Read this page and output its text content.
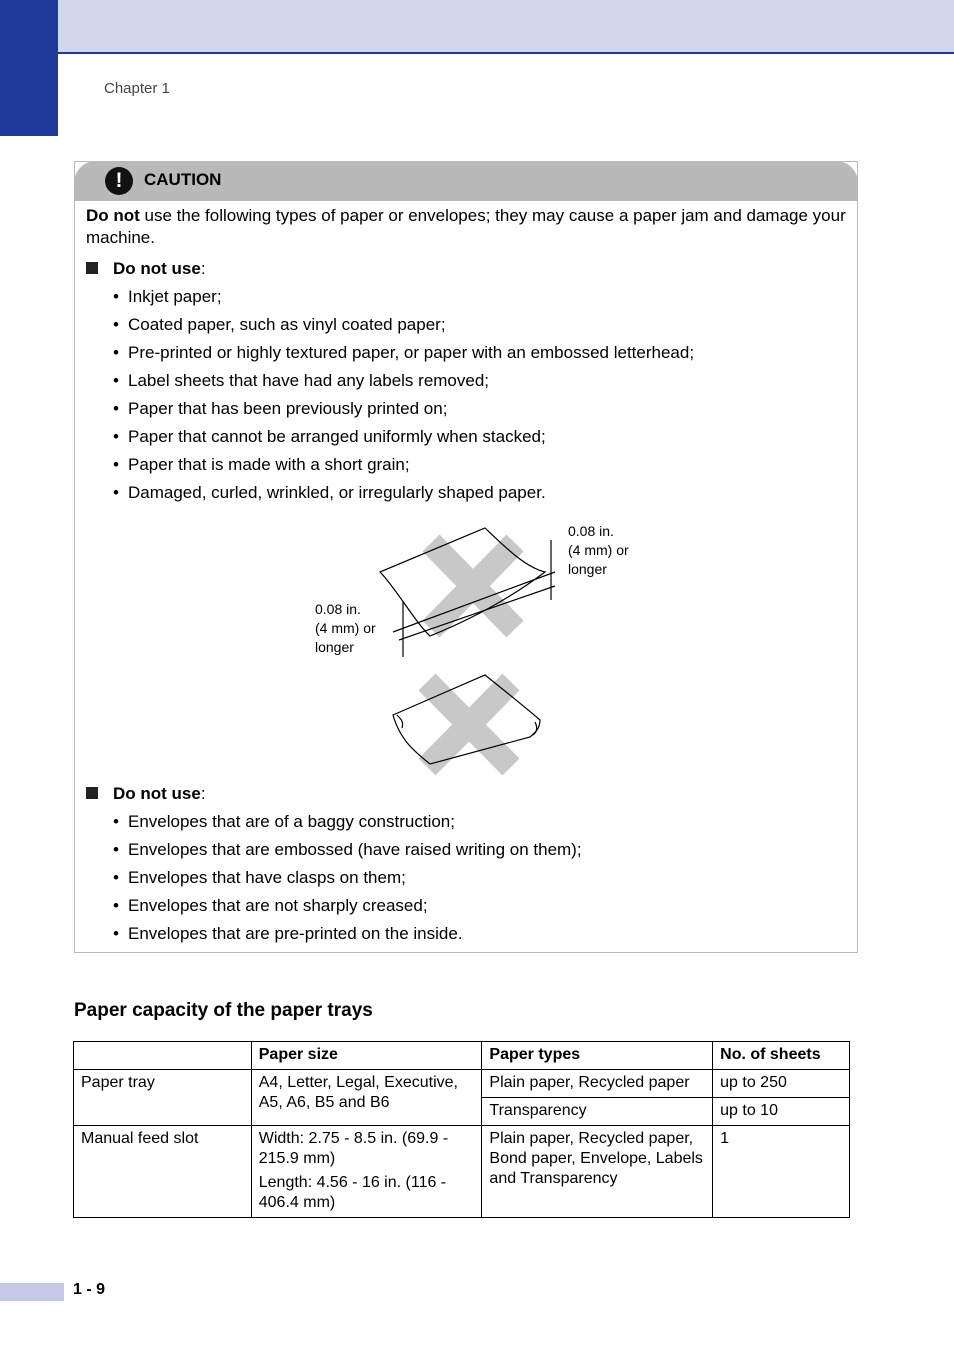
Chapter 1
!	CAUTION
Do not use the following types of paper or envelopes; they may cause a paper jam and damage your machine.
Do not use:
• Inkjet paper;
• Coated paper, such as vinyl coated paper;
• Pre-printed or highly textured paper, or paper with an embossed letterhead;
• Label sheets that have had any labels removed;
• Paper that has been previously printed on;
• Paper that cannot be arranged uniformly when stacked;
• Paper that is made with a short grain;
• Damaged, curled, wrinkled, or irregularly shaped paper.
0.08 in.
(4 mm) or
longer
0.08 in.
(4 mm) or
longer
Do not use:
• Envelopes that are of a baggy construction;
• Envelopes that are embossed (have raised writing on them);
• Envelopes that have clasps on them;
• Envelopes that are not sharply creased;
• Envelopes that are pre-printed on the inside.
Paper capacity of the paper trays
	Paper size	Paper types	No. of sheets
Paper tray	A4, Letter, Legal, Executive, A5, A6, B5 and B6	Plain paper, Recycled paper	up to 250
		Transparency	up to 10
Manual feed slot	Width: 2.75 - 8.5 in. (69.9 - 215.9 mm)

Length: 4.56 - 16 in. (116 - 406.4 mm)	Plain paper, Recycled paper, Bond paper, Envelope, Labels and Transparency	1
1 - 9
